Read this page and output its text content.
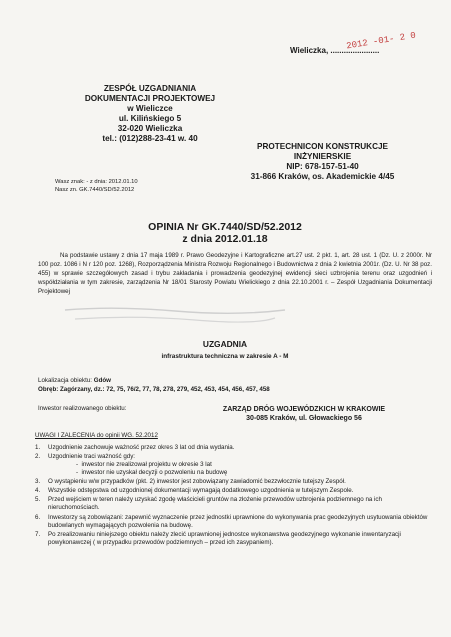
2012 -01- 2 0
Wieliczka, ......................
ZESPÓŁ UZGADNIANIA
DOKUMENTACJI PROJEKTOWEJ
w Wieliczce
ul. Kilińskiego 5
32-020 Wieliczka
tel.: (012)288-23-41 w. 40
PROTECHNICON KONSTRUKCJE
INŻYNIERSKIE
NIP: 678-157-51-40
31-866 Kraków, os. Akademickie 4/45
Wasz znak: - z dnia: 2012.01.10
Nasz zn. GK.7440/SD/52.2012
OPINIA Nr GK.7440/SD/52.2012
z dnia 2012.01.18
Na podstawie ustawy z dnia 17 maja 1989 r. Prawo Geodezyjne i Kartograficzne art.27 ust. 2 pkt. 1, art. 28 ust. 1 (Dz. U. z 2000r. Nr 100 poz. 1086 i N r 120 poz. 1268), Rozporządzenia Ministra Rozwoju Regionalnego i Budownictwa z dnia 2 kwietnia 2001r. (Dz. U. Nr 38 poz. 455) w sprawie szczegółowych zasad i trybu zakładania i prowadzenia geodezyjnej ewidencji sieci uzbrojenia terenu oraz uzgodnień i współdziałania w tym zakresie, zarządzenia Nr 18/01 Starosty Powiatu Wielickiego z dnia 22.10.2001 r. – Zespół Uzgadniania Dokumentacji Projektowej
UZGADNIA
infrastruktura techniczna w zakresie A - M
Lokalizacja obiektu: Gdów
Obręb: Zagórzany, dz.: 72, 75, 76/2, 77, 78, 278, 279, 452, 453, 454, 456, 457, 458
Inwestor realizowanego obiektu:	ZARZĄD DRÓG WOJEWÓDZKICH W KRAKOWIE
30-085 Kraków, ul. Głowackiego 56
UWAGI I ZALECENIA do opinii WG. 52.2012
1. Uzgodnienie zachowuje ważność przez okres 3 lat od dnia wydania.
2. Uzgodnienie traci ważność gdy:
-  inwestor nie zrealizował projektu w okresie 3 lat
-  inwestor nie uzyskał decyzji o pozwoleniu na budowę
3. O wystąpieniu w/w przypadków (pkt. 2) inwestor jest zobowiązany zawiadomić bezzwłocznie tutejszy Zespół.
4. Wszystkie odstępstwa od uzgodnionej dokumentacji wymagają dodatkowego uzgodnienia w tutejszym Zespole.
5. Przed wejściem w teren należy uzyskać zgodę właścicieli gruntów na złożenie przewodów uzbrojenia podziemnego na ich nieruchomościach.
6. Inwestorzy są zobowiązani: zapewnić wyznaczenie przez jednostki uprawnione do wykonywania prac geodezyjnych usytuowania obiektów budowlanych wymagających pozwolenia na budowę.
7. Po zrealizowaniu niniejszego obiektu należy zlecić uprawnionej jednostce wykonawstwa geodezyjnego wykonanie inwentaryzacji powykonawczej ( w przypadku przewodów podziemnych – przed ich zasypaniem).
